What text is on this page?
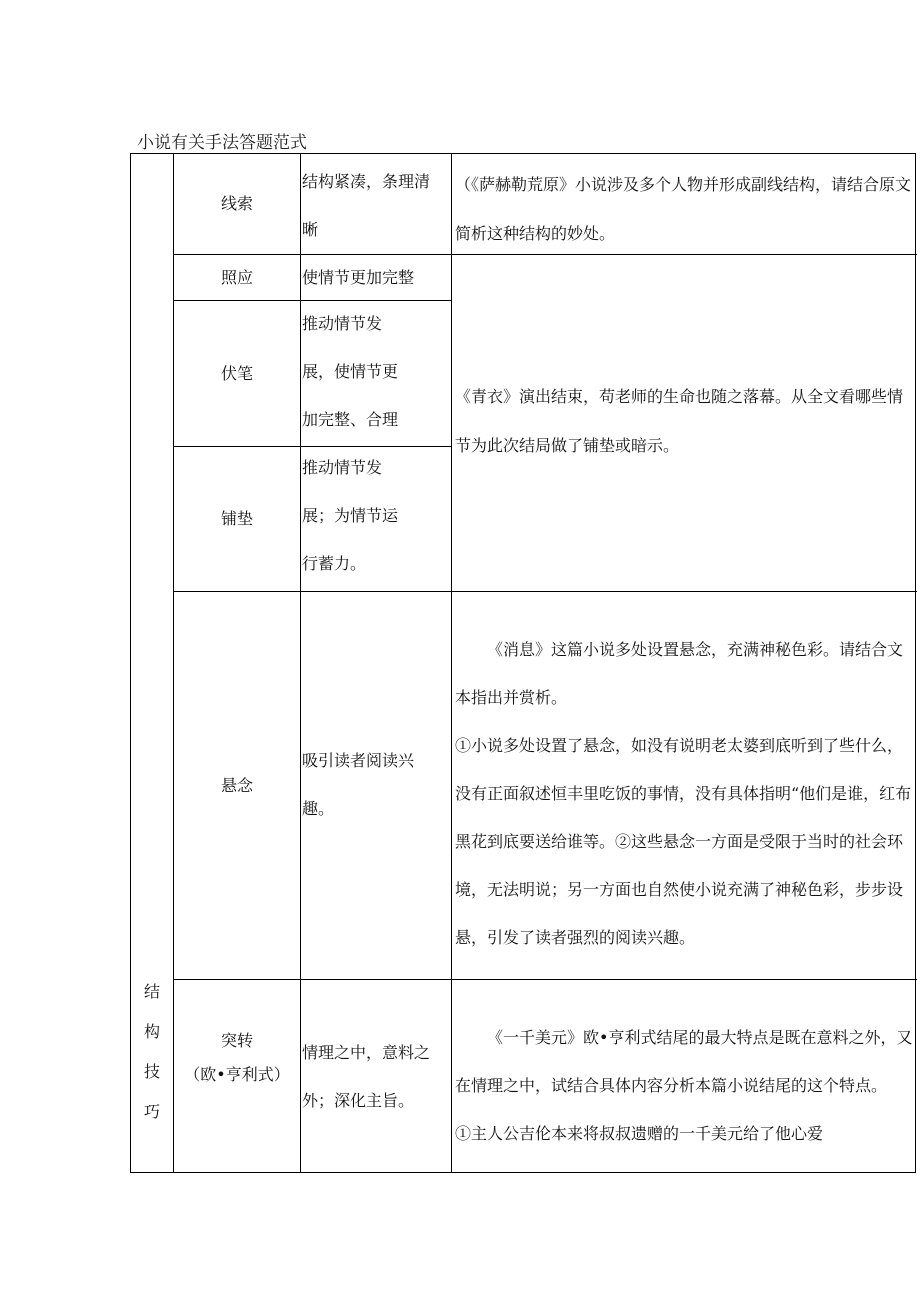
小说有关手法答题范式
结
构
技
巧
线索
结构紧凑，条理清晰
（《萨赫勒荒原》小说涉及多个人物并形成副线结构，请结合原文简析这种结构的妙处。
照应	使情节更加完整
伏笔
推动情节发展，使情节更加完整、合理
铺垫
推动情节发展；为情节运行蓄力。
《青衣》演出结束，苟老师的生命也随之落幕。从全文看哪些情节为此次结局做了铺垫或暗示。
悬念
吸引读者阅读兴趣。
《消息》这篇小说多处设置悬念，充满神秘色彩。请结合文本指出并赏析。
①小说多处设置了悬念，如没有说明老太婆到底听到了些什么，没有正面叙述恒丰里吃饭的事情，没有具体指明“他们是谁，红布黑花到底要送给谁等。②这些悬念一方面是受限于当时的社会环境，无法明说；另一方面也自然使小说充满了神秘色彩，步步设悬，引发了读者强烈的阅读兴趣。
突转
（欧•亨利式）
情理之中，意料之外；深化主旨。
《一千美元》欧•亨利式结尾的最大特点是既在意料之外，又在情理之中，试结合具体内容分析本篇小说结尾的这个特点。
①主人公吉伦本来将叔叔遗赠的一千美元给了他心爱
